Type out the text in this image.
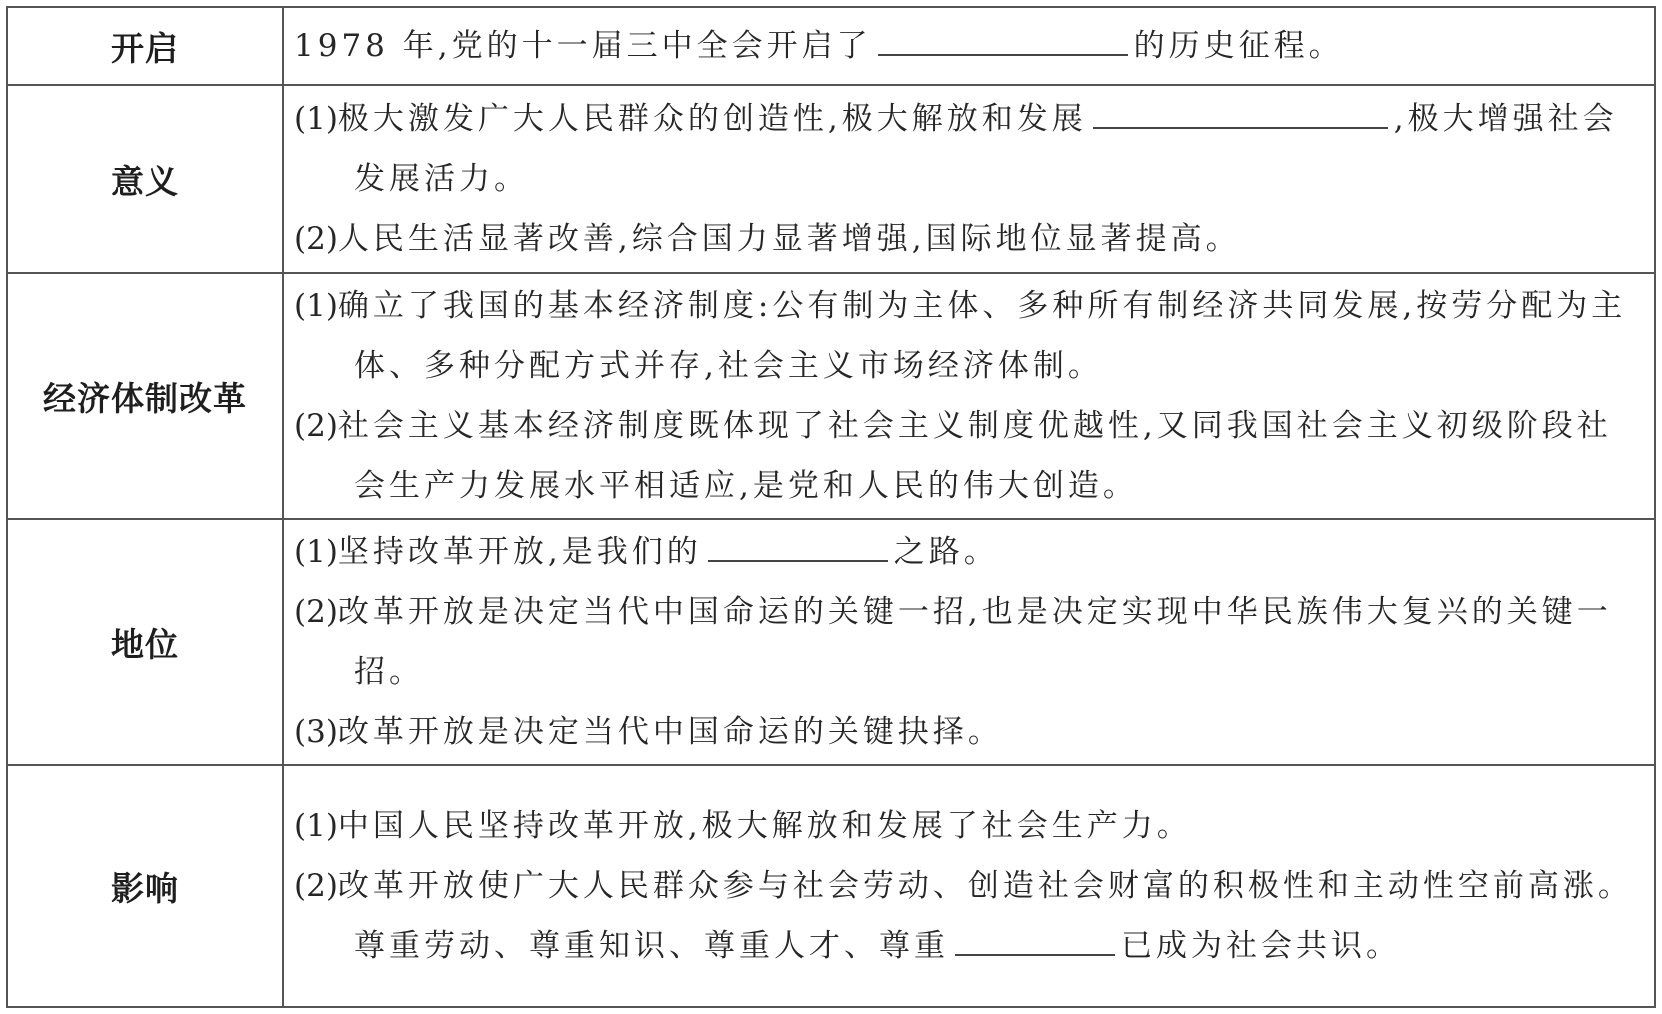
开启	1978 年,党的十一届三中全会开启了 的历史征程。
意义	(1)极大激发广大人民群众的创造性,极大解放和发展 ,极大增强社会发展活力。
(2)人民生活显著改善,综合国力显著增强,国际地位显著提高。

经济体制改革	(1)确立了我国的基本经济制度:公有制为主体、多种所有制经济共同发展,按劳分配为主体、多种分配方式并存,社会主义市场经济体制。
(2)社会主义基本经济制度既体现了社会主义制度优越性,又同我国社会主义初级阶段社会生产力发展水平相适应,是党和人民的伟大创造。

地位	(1)坚持改革开放,是我们的 之路。
(2)改革开放是决定当代中国命运的关键一招,也是决定实现中华民族伟大复兴的关键一招。
(3)改革开放是决定当代中国命运的关键抉择。

影响	(1)中国人民坚持改革开放,极大解放和发展了社会生产力。
(2)改革开放使广大人民群众参与社会劳动、创造社会财富的积极性和主动性空前高涨。尊重劳动、尊重知识、尊重人才、尊重 已成为社会共识。
